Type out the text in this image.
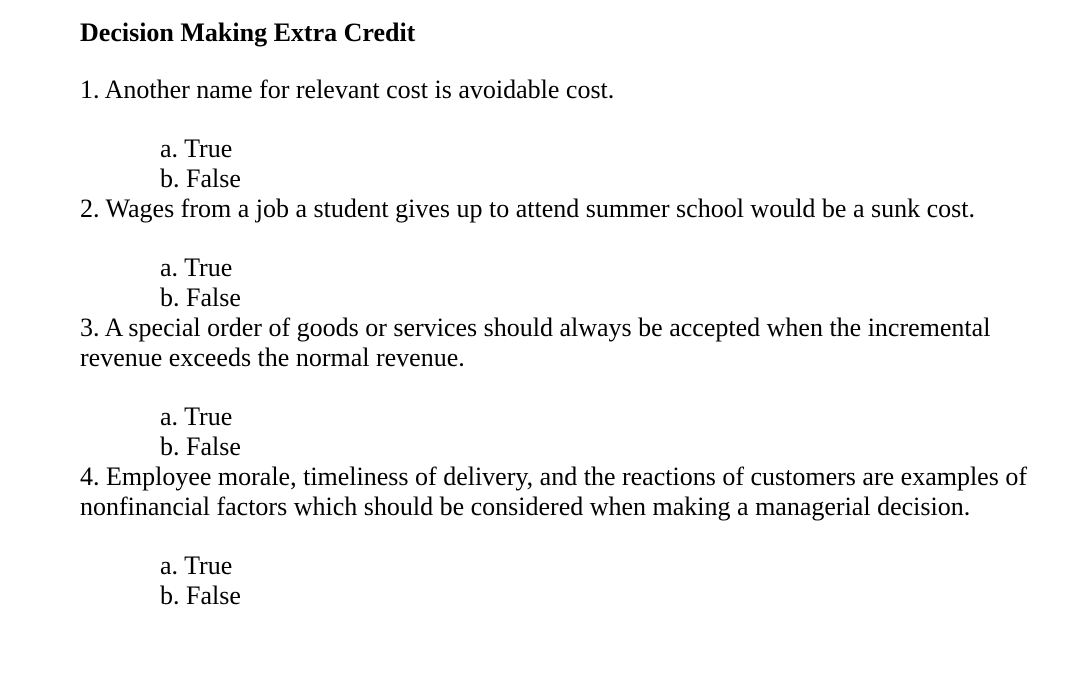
Decision Making Extra Credit

1. Another name for relevant cost is avoidable cost.

a. True
b. False

2. Wages from a job a student gives up to attend summer school would be a sunk cost.

a. True
b. False

3. A special order of goods or services should always be accepted when the incremental revenue exceeds the normal revenue.

a. True
b. False

4. Employee morale, timeliness of delivery, and the reactions of customers are examples of nonfinancial factors which should be considered when making a managerial decision.

a. True
b. False
